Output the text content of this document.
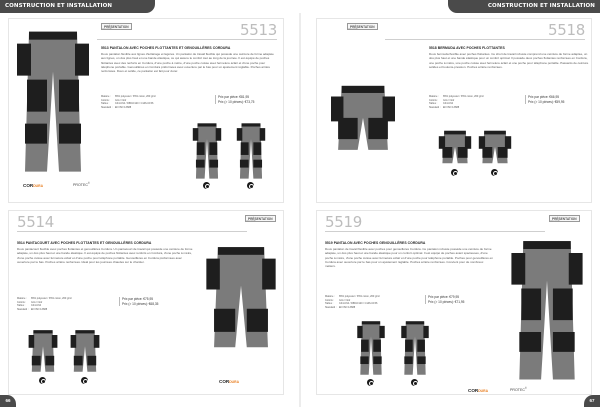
CONSTRUCTION ET INSTALLATION	CONSTRUCTION ET INSTALLATION
PRÉSENTATION
PROJOB	5513
5513 PANTALON AVEC POCHES FLOTTANTES ET GENOUILLÈRES CORDURA
Doux pantalon flexible aux lignes d'éclairage et légères. Un pantalon de travail flexible qui possède une ceinture de forme adaptée aux lignes, un dos plus haut et une bande élastique, ce qui assure le confort tout au long de la journée. Il est équipé de poches flottantes avec des renforts en Cordura, d'une poche à mètre, d'une poche cuisse avec fermeture éclair et d'une poche pour téléphone portable. Genouillères en Cordura préformées avec ouverture par le bas pour un ajustement réglable. Poches arrière renforcées. Doux et solide, ce pantalon est fait pour durer.
Matière : 65% polyester / 35% coton, 260 g/m²
Coloris : Gris / Noir
Tailles : C44-C64 / D88-D120 / C146-C156
Standard : EN ISO 13688
Prix par pièce: €81,95
Prix (> 10 pièces): €73,75
CORDURA	PROTEC®
PRÉSENTATION
PROJOB	5518
5518 BERMUDA AVEC POCHES FLOTTANTES
Doux bermuda flexible avec poches flottantes. Ce short de travail robuste comprend une ceinture de forme adaptée, un dos plus haut et une bande élastique pour un confort optimal. Il possède deux poches flottantes renforcées en Cordura, une poche à mètre, une poche cuisse avec fermeture éclair et une poche pour téléphone portable. Passants de ceinture solides et boutons-pression. Poches arrière renforcées.
Matière : 65% polyester / 35% coton, 260 g/m²
Coloris : Gris / Noir
Tailles : C44-C64
Standard : EN ISO 13688
Prix par pièce: €66,95
Prix (> 10 pièces): €59,95
5514	PRÉSENTATION
PROJOB
5514 PANTACOURT AVEC POCHES FLOTTANTES ET GENOUILLÈRES CORDURA
Doux pantacourt flexible avec poches flottantes et genouillères Cordura. Un pantacourt de travail qui possède une ceinture de forme adaptée, un dos plus haut et une bande élastique. Il est équipé de poches flottantes avec renforts en Cordura, d'une poche à mètre, d'une poche cuisse avec fermeture éclair et d'une poche pour téléphone portable. Genouillères en Cordura préformées avec ouverture par le bas. Poches arrière renforcées. Idéal pour les journées chaudes sur le chantier.
Matière : 65% polyester / 35% coton, 260 g/m²
Coloris : Gris / Noir
Tailles : C44-C64
Standard : EN ISO 13688
Prix par pièce: €75,95
Prix (> 10 pièces): €68,35
CORDURA
5519	PRÉSENTATION
PROJOB
5519 PANTALON AVEC POCHES GENOUILLÈRES CORDURA
Doux pantalon de travail flexible avec poches pour genouillères Cordura. Ce pantalon robuste possède une ceinture de forme adaptée, un dos plus haut et une bande élastique pour un confort optimal. Il est équipé de poches avant spacieuses, d'une poche à mètre, d'une poche cuisse avec fermeture éclair et d'une poche pour téléphone portable. Poches pour genouillères en Cordura avec ouverture par le bas pour un ajustement réglable. Poches arrière renforcées. Convient pour de nombreux métiers.
Matière : 65% polyester / 35% coton, 260 g/m²
Coloris : Gris / Noir
Tailles : C44-C64 / D88-D120 / C146-C156
Standard : EN ISO 13688
Prix par pièce: €79,95
Prix (> 10 pièces): €71,95
CORDURA	PROTEC®
66	67
